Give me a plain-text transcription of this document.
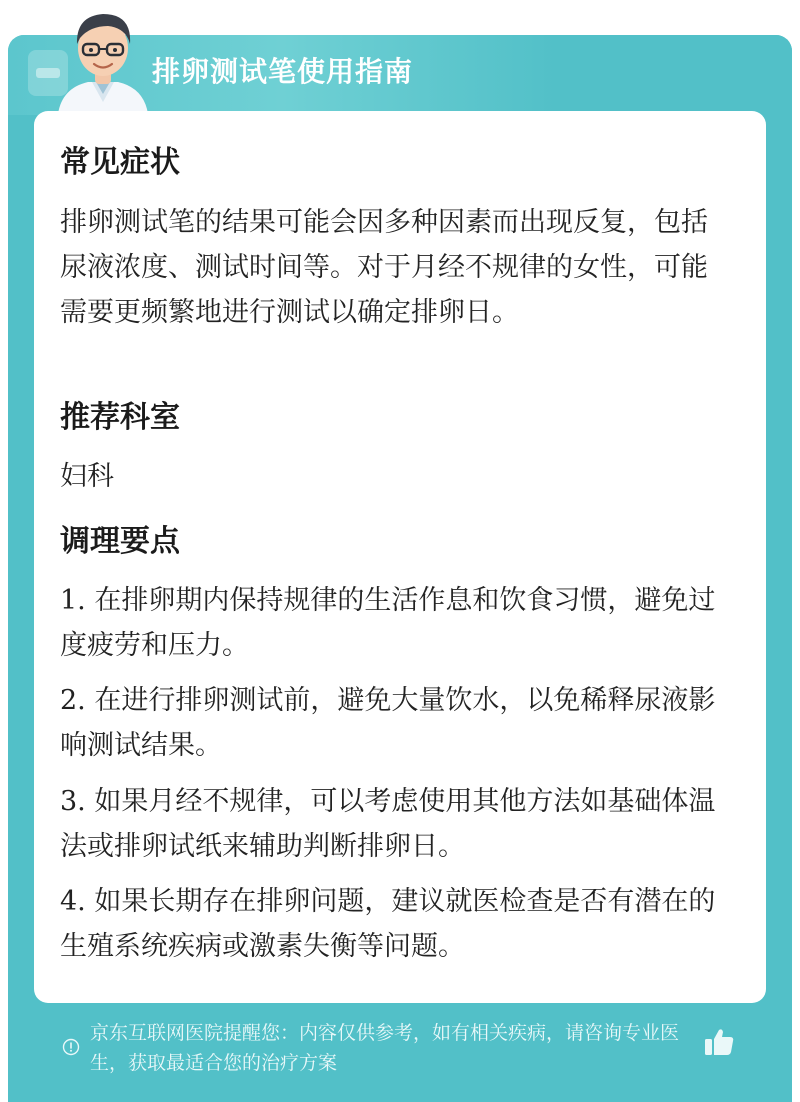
排卵测试笔使用指南
常见症状

排卵测试笔的结果可能会因多种因素而出现反复，包括尿液浓度、测试时间等。对于月经不规律的女性，可能需要更频繁地进行测试以确定排卵日。

推荐科室

妇科

调理要点

1. 在排卵期内保持规律的生活作息和饮食习惯，避免过度疲劳和压力。

2. 在进行排卵测试前，避免大量饮水，以免稀释尿液影响测试结果。

3. 如果月经不规律，可以考虑使用其他方法如基础体温法或排卵试纸来辅助判断排卵日。

4. 如果长期存在排卵问题，建议就医检查是否有潜在的生殖系统疾病或激素失衡等问题。

京东互联网医院提醒您：内容仅供参考，如有相关疾病，请咨询专业医生，获取最适合您的治疗方案
